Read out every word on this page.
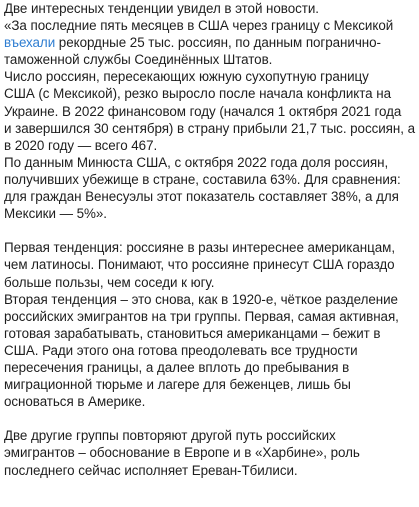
Две интересных тенденции увидел в этой новости.
«За последние пять месяцев в США через границу с Мексикой
въехали рекордные 25 тыс. россиян, по данным погранично-
таможенной службы Соединённых Штатов.
Число россиян, пересекающих южную сухопутную границу
США (с Мексикой), резко выросло после начала конфликта на
Украине. В 2022 финансовом году (начался 1 октября 2021 года
и завершился 30 сентября) в страну прибыли 21,7 тыс. россиян, а
в 2020 году — всего 467.
По данным Минюста США, с октября 2022 года доля россиян,
получивших убежище в стране, составила 63%. Для сравнения:
для граждан Венесуэлы этот показатель составляет 38%, а для
Мексики — 5%».
Первая тенденция: россияне в разы интереснее американцам,
чем латиносы. Понимают, что россияне принесут США гораздо
больше пользы, чем соседи к югу.
Вторая тенденция – это снова, как в 1920-е, чёткое разделение
российских эмигрантов на три группы. Первая, самая активная,
готовая зарабатывать, становиться американцами – бежит в
США. Ради этого она готова преодолевать все трудности
пересечения границы, а далее вплоть до пребывания в
миграционной тюрьме и лагере для беженцев, лишь бы
основаться в Америке.
Две другие группы повторяют другой путь российских
эмигрантов – обоснование в Европе и в «Харбине», роль
последнего сейчас исполняет Ереван-Тбилиси.
